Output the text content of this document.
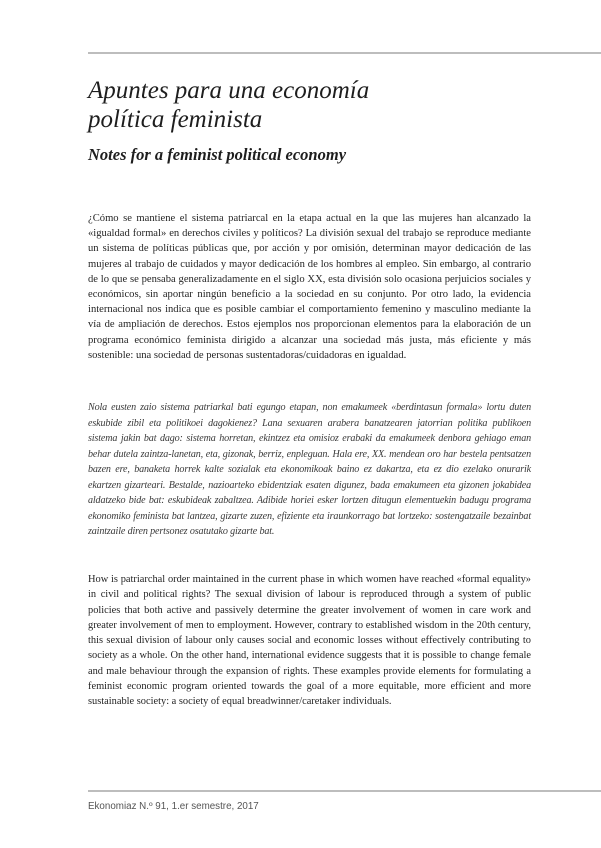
Apuntes para una economía
política feminista
Notes for a feminist political economy

¿Cómo se mantiene el sistema patriarcal en la etapa actual en la que las mujeres han alcanzado la «igualdad formal» en derechos civiles y políticos? La división sexual del trabajo se reproduce mediante un sistema de políticas públicas que, por acción y por omisión, determinan mayor dedicación de las mujeres al trabajo de cuidados y mayor dedicación de los hombres al empleo. Sin embargo, al contrario de lo que se pensaba generalizadamente en el siglo XX, esta división solo ocasiona perjuicios sociales y económicos, sin aportar ningún beneficio a la sociedad en su conjunto. Por otro lado, la evidencia internacional nos indica que es posible cambiar el comportamiento femenino y masculino mediante la vía de ampliación de derechos. Estos ejemplos nos proporcionan elementos para la elaboración de un programa económico feminista dirigido a alcanzar una sociedad más justa, más eficiente y más sostenible: una sociedad de personas sustentadoras/cuidadoras en igualdad.

Nola eusten zaio sistema patriarkal bati egungo etapan, non emakumeek «berdintasun formala» lortu duten eskubide zibil eta politikoei dagokienez? Lana sexuaren arabera banatzearen jatorrian politika publikoen sistema jakin bat dago: sistema horretan, ekintzez eta omisioz erabaki da emakumeek denbora gehiago eman behar dutela zaintza-lanetan, eta, gizonak, berriz, enpleguan. Hala ere, XX. mendean oro har bestela pentsatzen bazen ere, banaketa horrek kalte sozialak eta ekonomikoak baino ez dakartza, eta ez dio ezelako onurarik ekartzen gizarteari. Bestalde, nazioarteko ebidentziak esaten digunez, bada emakumeen eta gizonen jokabidea aldatzeko bide bat: eskubideak zabaltzea. Adibide horiei esker lortzen ditugun elementuekin badugu programa ekonomiko feminista bat lantzea, gizarte zuzen, efiziente eta iraunkorrago bat lortzeko: sostengatzaile bezainbat zaintzaile diren pertsonez osatutako gizarte bat.

How is patriarchal order maintained in the current phase in which women have reached «formal equality» in civil and political rights? The sexual division of labour is reproduced through a system of public policies that both active and passively determine the greater involvement of women in care work and greater involvement of men to employment. However, contrary to established wisdom in the 20th century, this sexual division of labour only causes social and economic losses without effectively contributing to society as a whole. On the other hand, international evidence suggests that it is possible to change female and male behaviour through the expansion of rights. These examples provide elements for formulating a feminist economic program oriented towards the goal of a more equitable, more efficient and more sustainable society: a society of equal breadwinner/caretaker individuals.

Ekonomiaz N.º 91, 1.er semestre, 2017
